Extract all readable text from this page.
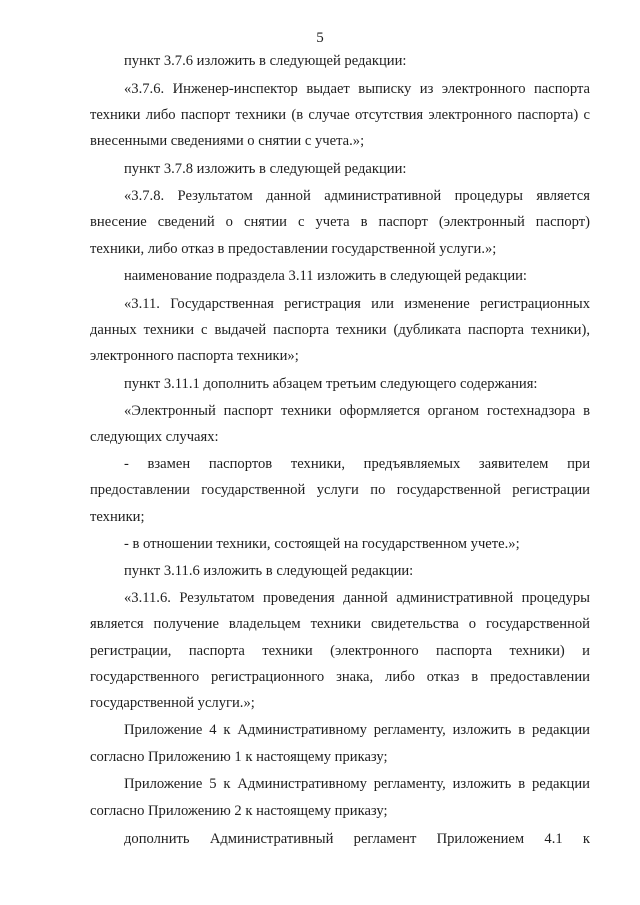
5
пункт 3.7.6 изложить в следующей редакции:
«3.7.6. Инженер-инспектор выдает выписку из электронного паспорта
техники либо паспорт техники (в случае отсутствия электронного паспорта) с
внесенными сведениями о снятии с учета.»;
пункт 3.7.8 изложить в следующей редакции:
«3.7.8. Результатом данной административной процедуры является
внесение сведений о снятии с учета в паспорт (электронный паспорт)
техники, либо отказ в предоставлении государственной услуги.»;
наименование подраздела 3.11 изложить в следующей редакции:
«3.11. Государственная регистрация или изменение регистрационных
данных техники с выдачей паспорта техники (дубликата паспорта техники),
электронного паспорта техники»;
пункт 3.11.1 дополнить абзацем третьим следующего содержания:
«Электронный паспорт техники оформляется органом гостехнадзора в
следующих случаях:
- взамен паспортов техники, предъявляемых заявителем при
предоставлении государственной услуги по государственной регистрации
техники;
- в отношении техники, состоящей на государственном учете.»;
пункт 3.11.6 изложить в следующей редакции:
«3.11.6. Результатом проведения данной административной процедуры
является получение владельцем техники свидетельства о государственной
регистрации, паспорта техники (электронного паспорта техники) и
государственного регистрационного знака, либо отказ в предоставлении
государственной услуги.»;
Приложение 4 к Административному регламенту, изложить в редакции
согласно Приложению 1 к настоящему приказу;
Приложение 5 к Административному регламенту, изложить в редакции
согласно Приложению 2 к настоящему приказу;
дополнить Административный регламент Приложением 4.1 к
